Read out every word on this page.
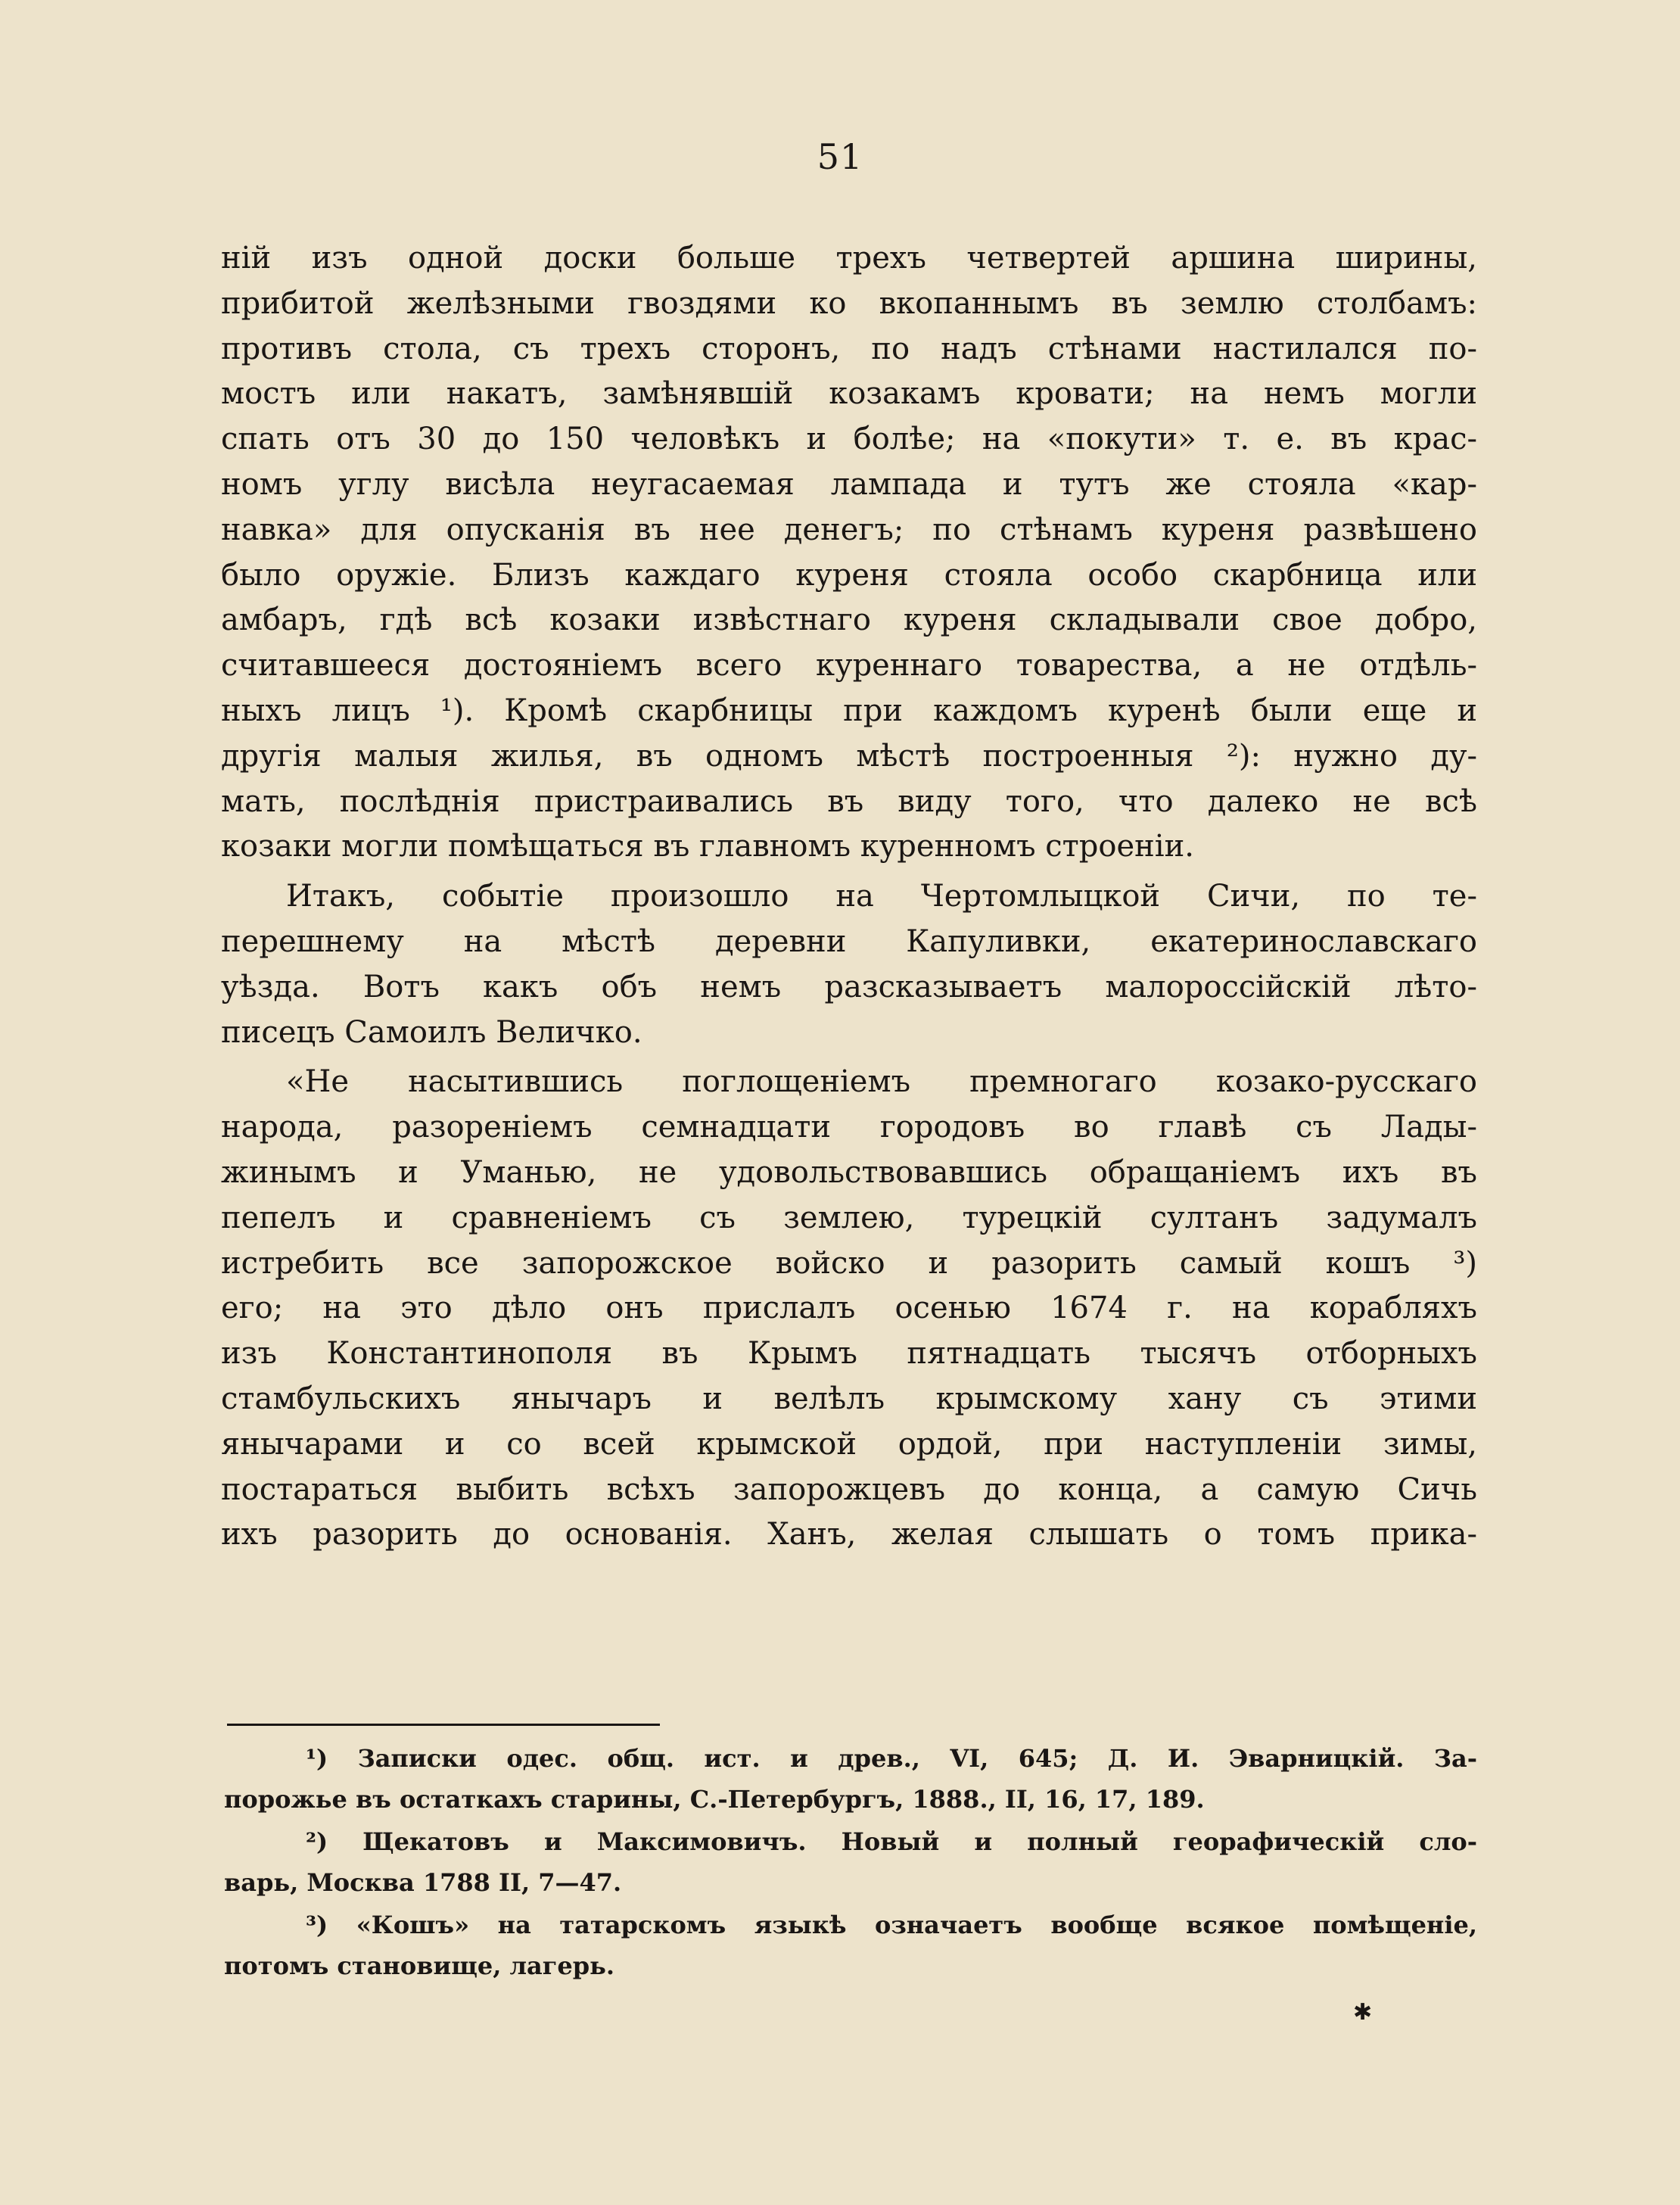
51
ній изъ одной доски больше трехъ четвертей аршина ширины,
прибитой желѣзными гвоздями ко вкопаннымъ въ землю столбамъ:
противъ стола, съ трехъ сторонъ, по надъ стѣнами настилался по-
мостъ или накатъ, замѣнявшій козакамъ кровати; на немъ могли
спать отъ 30 до 150 человѣкъ и болѣе; на «покути» т. е. въ крас-
номъ углу висѣла неугасаемая лампада и тутъ же стояла «кар-
навка» для опусканія въ нее денегъ; по стѣнамъ куреня развѣшено
было оружіе. Близъ каждаго куреня стояла особо скарбница или
амбаръ, гдѣ всѣ козаки извѣстнаго куреня складывали свое добро,
считавшееся достояніемъ всего куреннаго товарества, а не отдѣль-
ныхъ лицъ ¹). Кромѣ скарбницы при каждомъ куренѣ были еще и
другія малыя жилья, въ одномъ мѣстѣ построенныя ²): нужно ду-
мать, послѣднія пристраивались въ виду того, что далеко не всѣ
козаки могли помѣщаться въ главномъ куренномъ строеніи.
Итакъ, событіе произошло на Чертомлыцкой Сичи, по те-
перешнему на мѣстѣ деревни Капуливки, екатеринославскаго
уѣзда. Вотъ какъ объ немъ разсказываетъ малороссійскій лѣто-
писецъ Самоилъ Величко.
«Не насытившись поглощеніемъ премногаго козако-русскаго
народа, разореніемъ семнадцати городовъ во главѣ съ Лады-
жинымъ и Уманью, не удовольствовавшись обращаніемъ ихъ въ
пепелъ и сравненіемъ съ землею, турецкій султанъ задумалъ
истребить все запорожское войско и разорить самый кошъ ³)
его; на это дѣло онъ прислалъ осенью 1674 г. на корабляхъ
изъ Константинополя въ Крымъ пятнадцать тысячъ отборныхъ
стамбульскихъ янычаръ и велѣлъ крымскому хану съ этими
янычарами и со всей крымской ордой, при наступленіи зимы,
постараться выбить всѣхъ запорожцевъ до конца, а самую Сичь
ихъ разорить до основанія. Ханъ, желая слышать о томъ прика-
¹) Записки одес. общ. ист. и древ., VI, 645; Д. И. Эварницкій. За-
порожье въ остаткахъ старины, С.-Петербургъ, 1888., II, 16, 17, 189.
²) Щекатовъ и Максимовичъ. Новый и полный георафическій сло-
варь, Москва 1788 II, 7—47.
³) «Кошъ» на татарскомъ языкѣ означаетъ вообще всякое помѣщеніе,
потомъ становище, лагерь.
✱
